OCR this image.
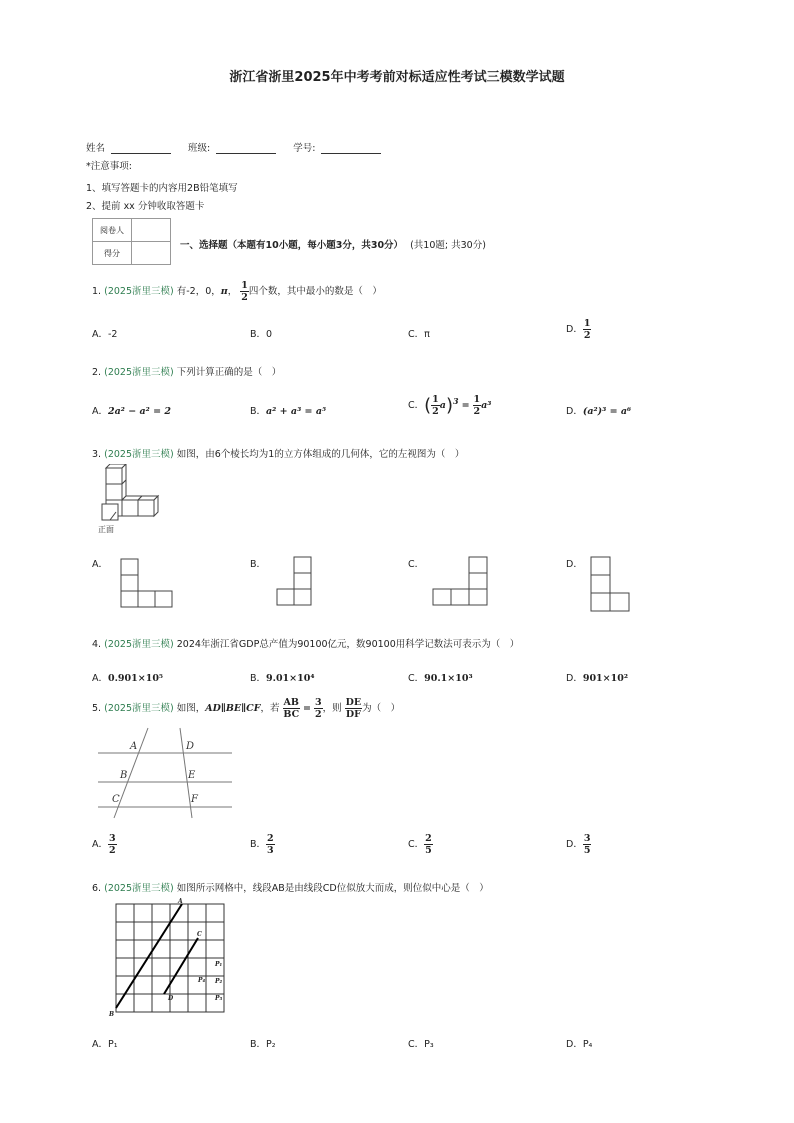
浙江省浙里2025年中考考前对标适应性考试三模数学试题
姓名	班级:	学号:
*注意事项:
1、填写答题卡的内容用2B铅笔填写
2、提前 xx 分钟收取答题卡
阅卷人	
得分	
一、选择题（本题有10小题，每小题3分，共30分） (共10题; 共30分)
1. (2025浙里三模) 有-2，0，π， $\frac{1}{2}$ 四个数，其中最小的数是（　）
A．-2	B．0	C．π	D． $\frac{1}{2}$
2. (2025浙里三模) 下列计算正确的是（　）
A．2a² − a² = 2	B．a² + a³ = a⁵
C．( $\frac{1}{2} a)^3 = \frac{1}{2} a^3$
D．(a²)³ = a⁶
3. (2025浙里三模) 如图，由6个棱长均为1的立方体组成的几何体，它的左视图为（　）
正面
A．	B．	C．	D．
4. (2025浙里三模) 2024年浙江省GDP总产值为90100亿元，数90100用科学记数法可表示为（　）
A．0.901×10⁵	B．9.01×10⁴	C．90.1×10³	D．901×10²
5. (2025浙里三模) 如图，AD∥BE∥CF，若 $\frac{AB}{BC} = \frac{3}{2}$ ，则 $\frac{DE}{DF}$ 为（　）
A
B
C
D
E
F
A． $\frac{3}{2}$	B． $\frac{2}{3}$	C． $\frac{2}{5}$	D． $\frac{3}{5}$
6. (2025浙里三模) 如图所示网格中，线段AB是由线段CD位似放大而成，则位似中心是（　）
A
B
C
D
P₁
P₂
P₃
P₄
A．P₁	B．P₂	C．P₃	D．P₄
